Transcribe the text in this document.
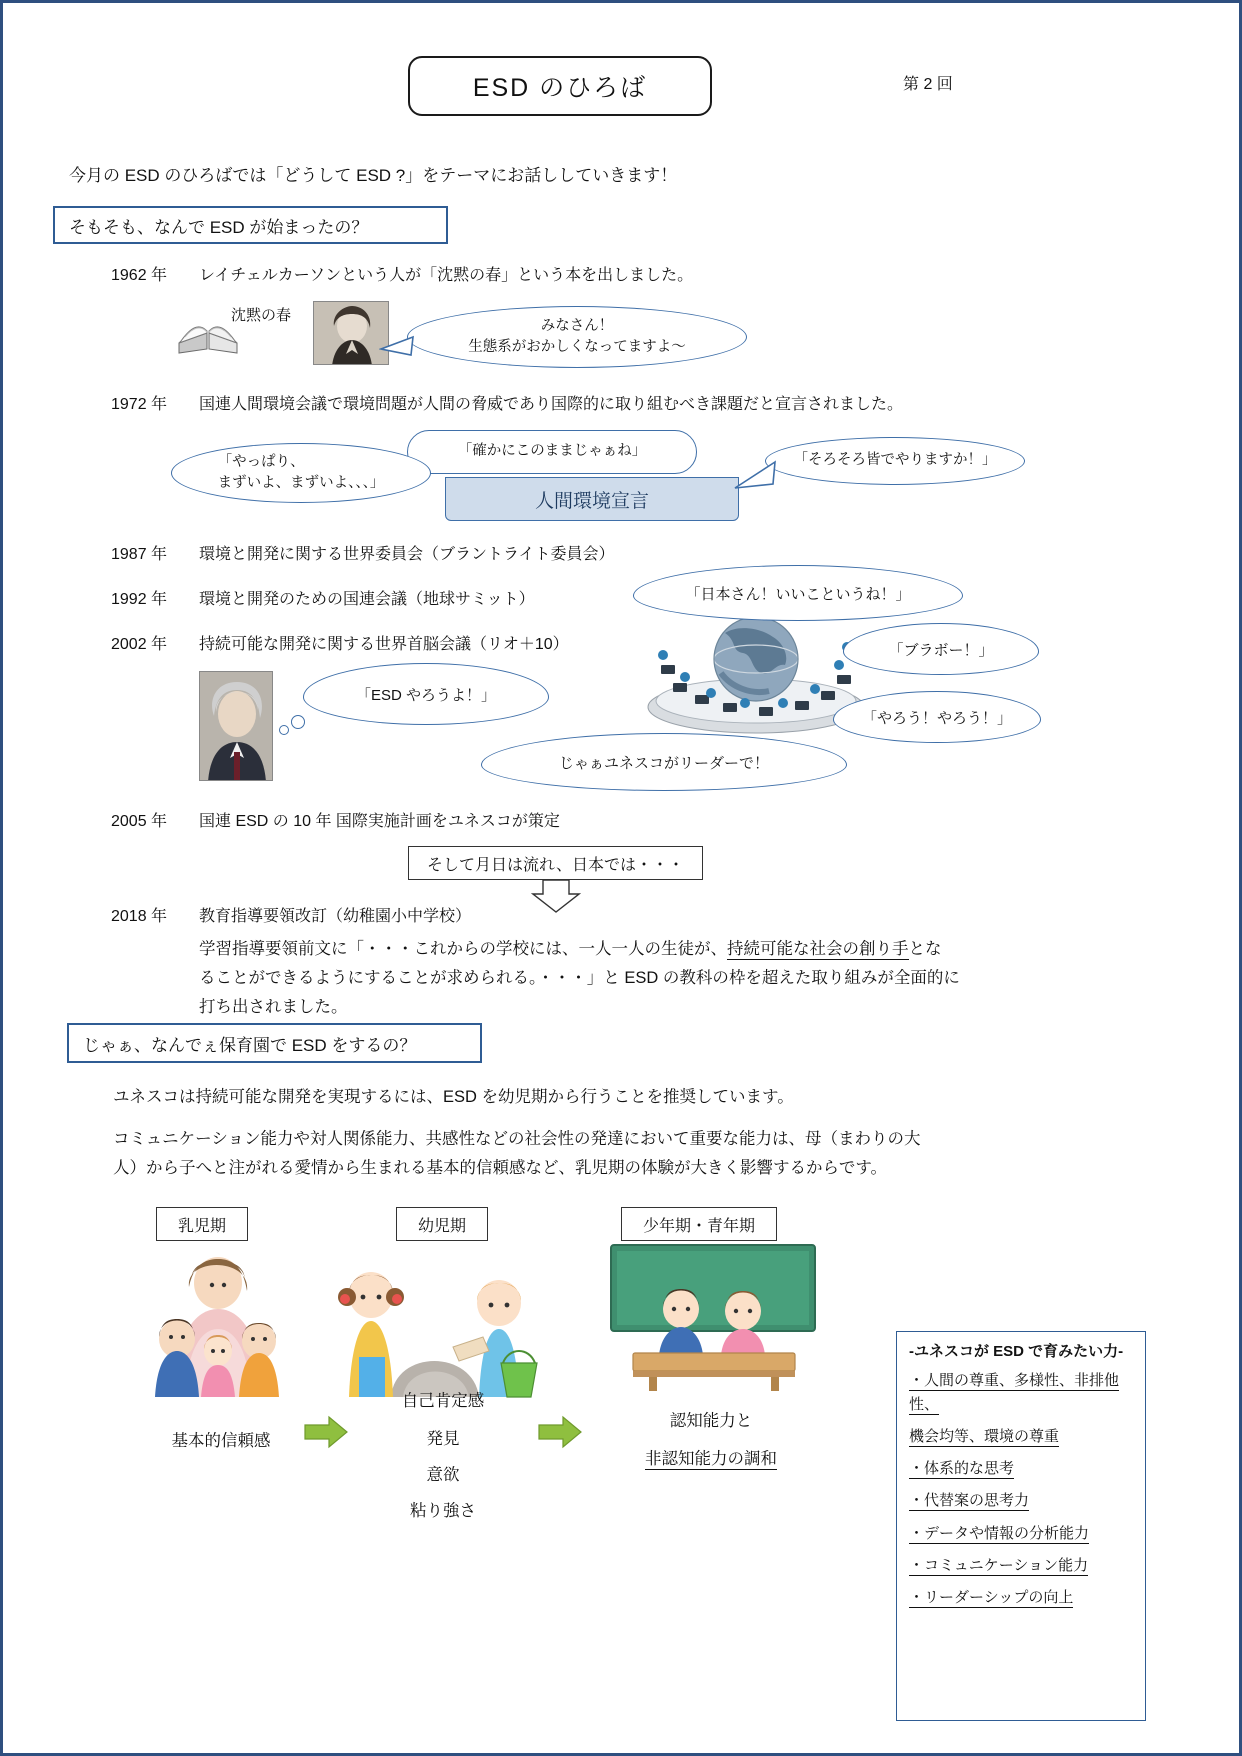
ESD のひろば	第 2 回
今月の ESD のひろばでは「どうして ESD ?」をテーマにお話ししていきます！
そもそも、なんで ESD が始まったの？
1962 年 レイチェルカーソンという人が「沈黙の春」という本を出しました。
沈黙の春
みなさん！
生態系がおかしくなってますよ〜
1972 年 国連人間環境会議で環境問題が人間の脅威であり国際的に取り組むべき課題だと宣言されました。
人間環境宣言
「確かにこのままじゃぁね」
「やっぱり、
まずいよ、まずいよ、、、」
「そろそろ皆でやりますか！」
1987 年 環境と開発に関する世界委員会（ブラントライト委員会）
1992 年 環境と開発のための国連会議（地球サミット）
2002 年 持続可能な開発に関する世界首脳会議（リオ＋10）
「ESD やろうよ！」
「日本さん！いいこというね！」
「ブラボー！」
「やろう！やろう！」
じゃぁユネスコがリーダーで！
2005 年 国連 ESD の 10 年 国際実施計画をユネスコが策定
そして月日は流れ、日本では・・・
2018 年 教育指導要領改訂（幼稚園小中学校）
学習指導要領前文に「・・・これからの学校には、一人一人の生徒が、持続可能な社会の創り手とな
ることができるようにすることが求められる。・・・」と ESD の教科の枠を超えた取り組みが全面的に
打ち出されました。
じゃぁ、なんでぇ保育園で ESD をするの？
ユネスコは持続可能な開発を実現するには、ESD を幼児期から行うことを推奨しています。
コミュニケーション能力や対人関係能力、共感性などの社会性の発達において重要な能力は、母（まわりの大
人）から子へと注がれる愛情から生まれる基本的信頼感など、乳児期の体験が大きく影響するからです。
乳児期
基本的信頼感
幼児期
自己肯定感
発見
意欲
粘り強さ
少年期・青年期
認知能力と
非認知能力の調和
-ユネスコが ESD で育みたい力-
・人間の尊重、多様性、非排他性、
機会均等、環境の尊重
・体系的な思考
・代替案の思考力
・データや情報の分析能力
・コミュニケーション能力
・リーダーシップの向上
